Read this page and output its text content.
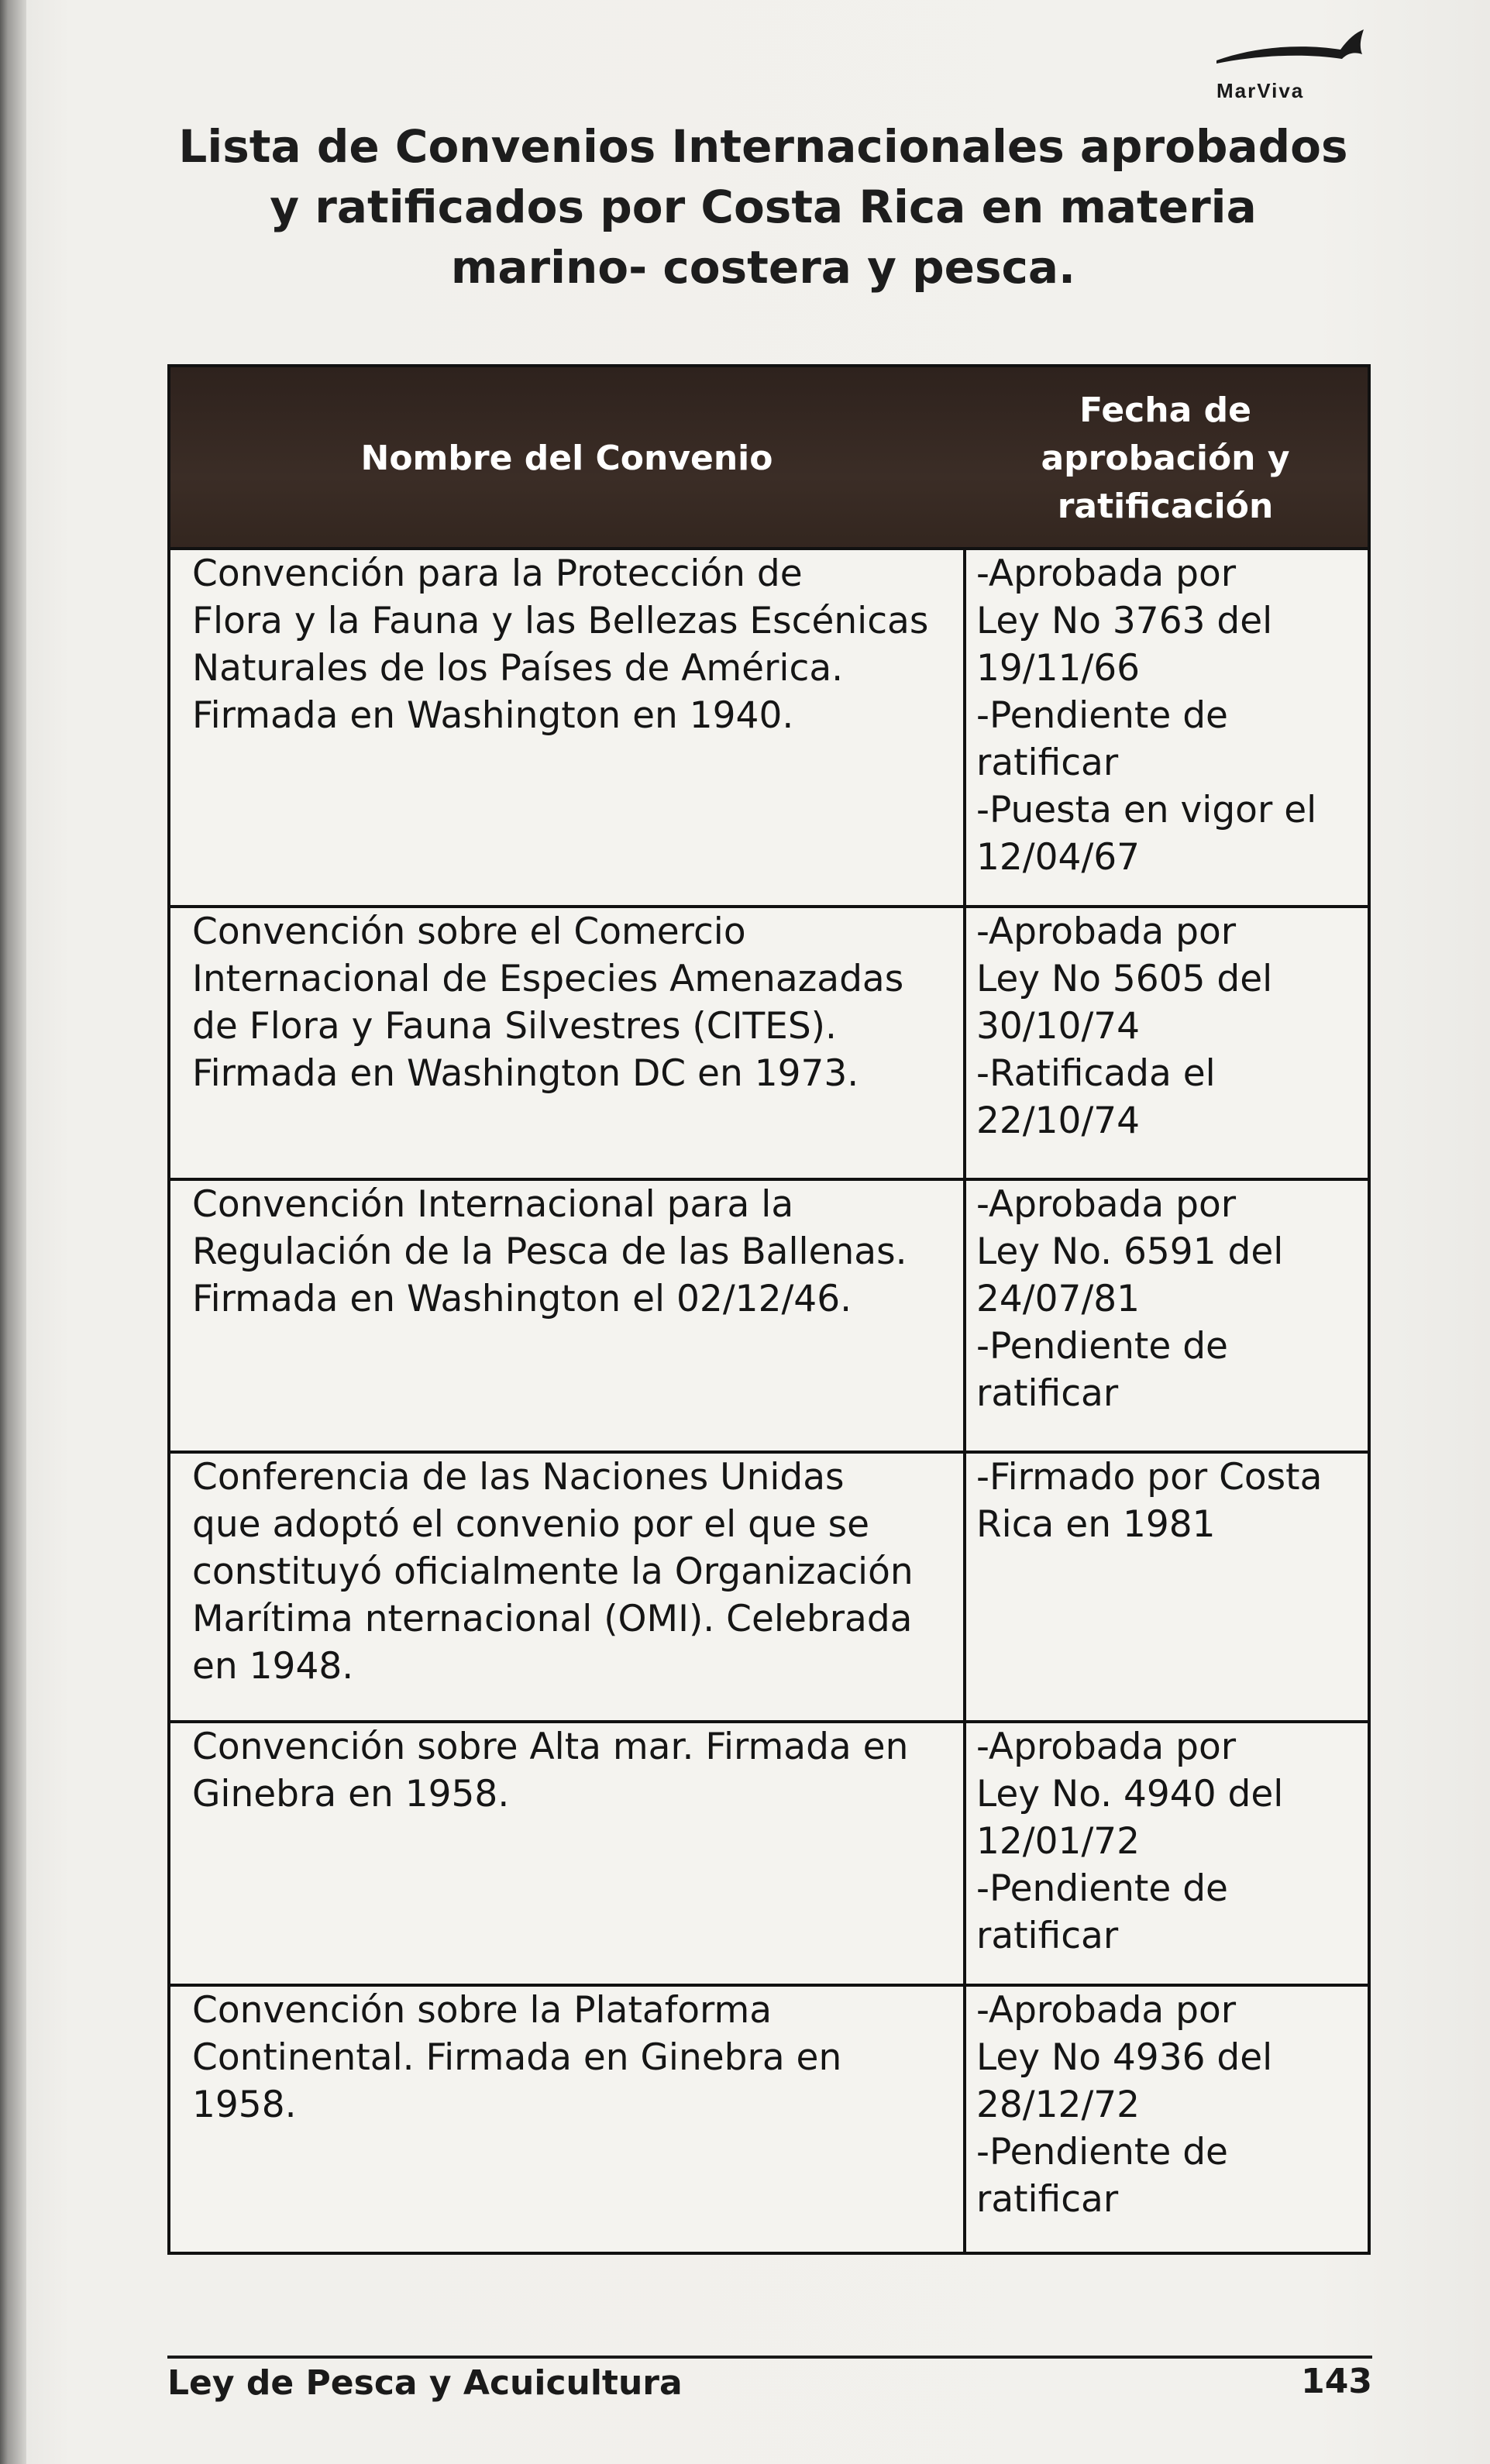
MarViva
Lista de Convenios Internacionales aprobados y ratificados por Costa Rica en materia marino- costera y pesca.
Nombre del Convenio
Fecha de aprobación y ratificación
Convención para la Protección de
Flora y la Fauna y las Bellezas Escénicas
Naturales de los Países de América.
Firmada en Washington en 1940.
-Aprobada por
Ley No 3763 del
19/11/66
-Pendiente de
ratificar
-Puesta en vigor el
12/04/67
Convención sobre el Comercio
Internacional de Especies Amenazadas
de Flora y Fauna Silvestres (CITES).
Firmada en Washington DC en 1973.
-Aprobada por
Ley No 5605 del
30/10/74
-Ratificada el
22/10/74
Convención Internacional para la
Regulación de la Pesca de las Ballenas.
Firmada en Washington el 02/12/46.
-Aprobada por
Ley No. 6591 del
24/07/81
-Pendiente de
ratificar
Conferencia de las Naciones Unidas
que adoptó el convenio por el que se
constituyó oficialmente la Organización
Marítima nternacional (OMI). Celebrada
en 1948.
-Firmado por Costa
Rica en 1981
Convención sobre Alta mar. Firmada en
Ginebra en 1958.
-Aprobada por
Ley No. 4940 del
12/01/72
-Pendiente de
ratificar
Convención sobre la Plataforma
Continental. Firmada en Ginebra en
1958.
-Aprobada por
Ley No 4936 del
28/12/72
-Pendiente de
ratificar
Ley de Pesca y Acuicultura	143
